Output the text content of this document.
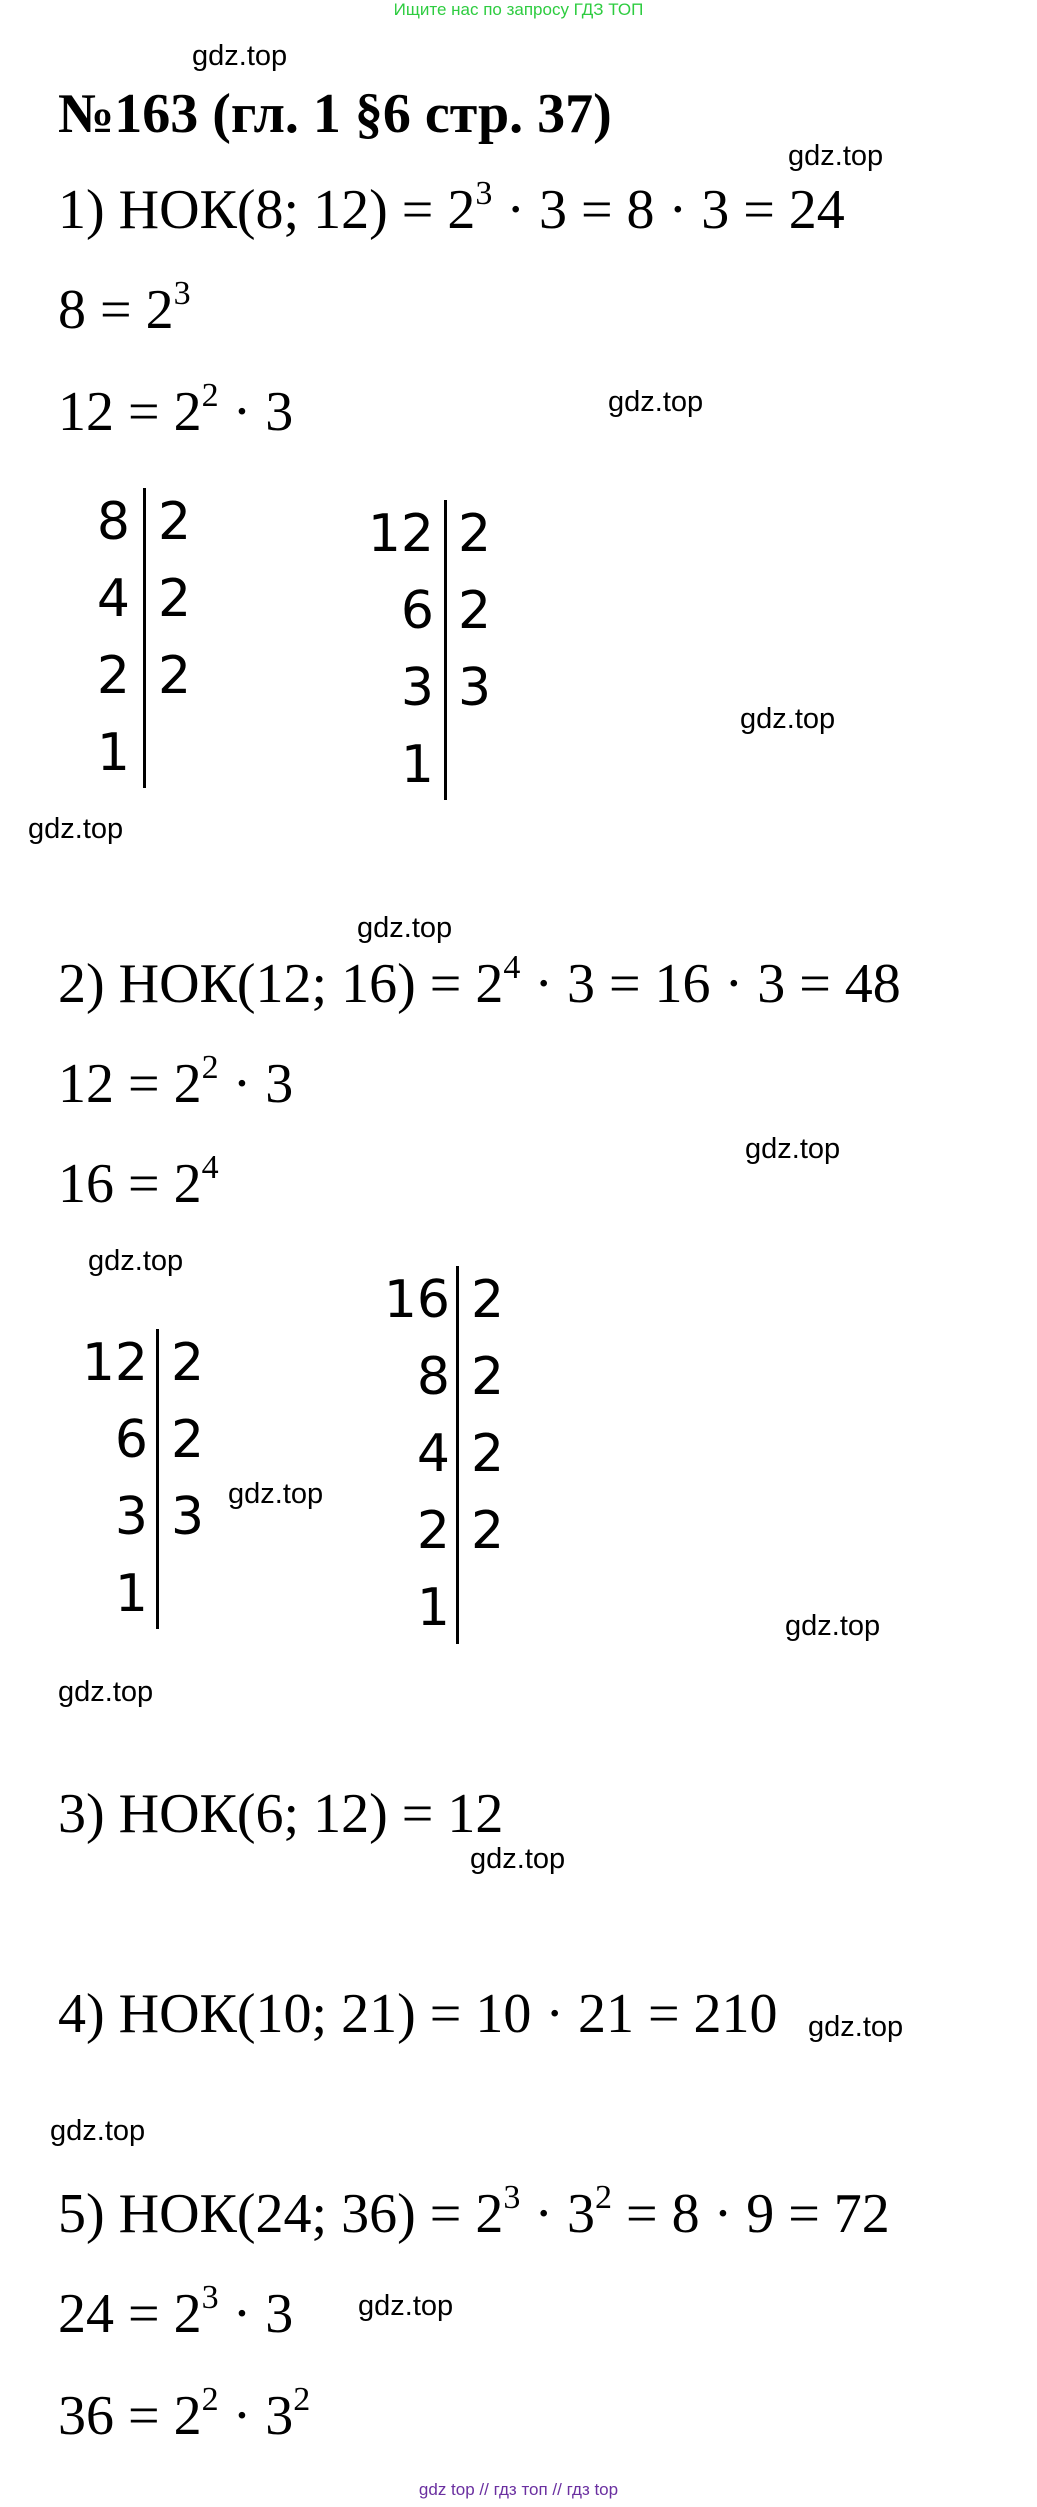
Ищите нас по запросу ГДЗ ТОП
№163 (гл. 1 §6 стр. 37)
gdz.top
gdz.top
gdz.top
gdz.top
gdz.top
gdz.top
gdz.top
gdz.top
gdz.top
gdz.top
gdz.top
gdz.top
gdz.top
gdz.top
gdz.top
1) НОК(8; $12) = 2^3 \cdot 3 = 8 \cdot 3 = 24$
$8 = 2^3$
$12 = 2^2 \cdot 3$
8
4
2
1
2
2
2
12
6
3
1
2
2
3
2) НОК(12; $16) = 2^4 \cdot 3 = 16 \cdot 3 = 48$
$12 = 2^2 \cdot 3$
$16 = 2^4$
12
6
3
1
2
2
3
16
8
4
2
1
2
2
2
2
3) НОК(6; 12) = 12
4) НОК(10; 21) = 10 · 21 = 210
5) НОК(24; $36) = 2^3 \cdot 3^2 = 8 \cdot 9 = 72$
$24 = 2^3 \cdot 3$
$36 = 2^2 \cdot 3^2$
gdz top // гдз топ // гдз top
